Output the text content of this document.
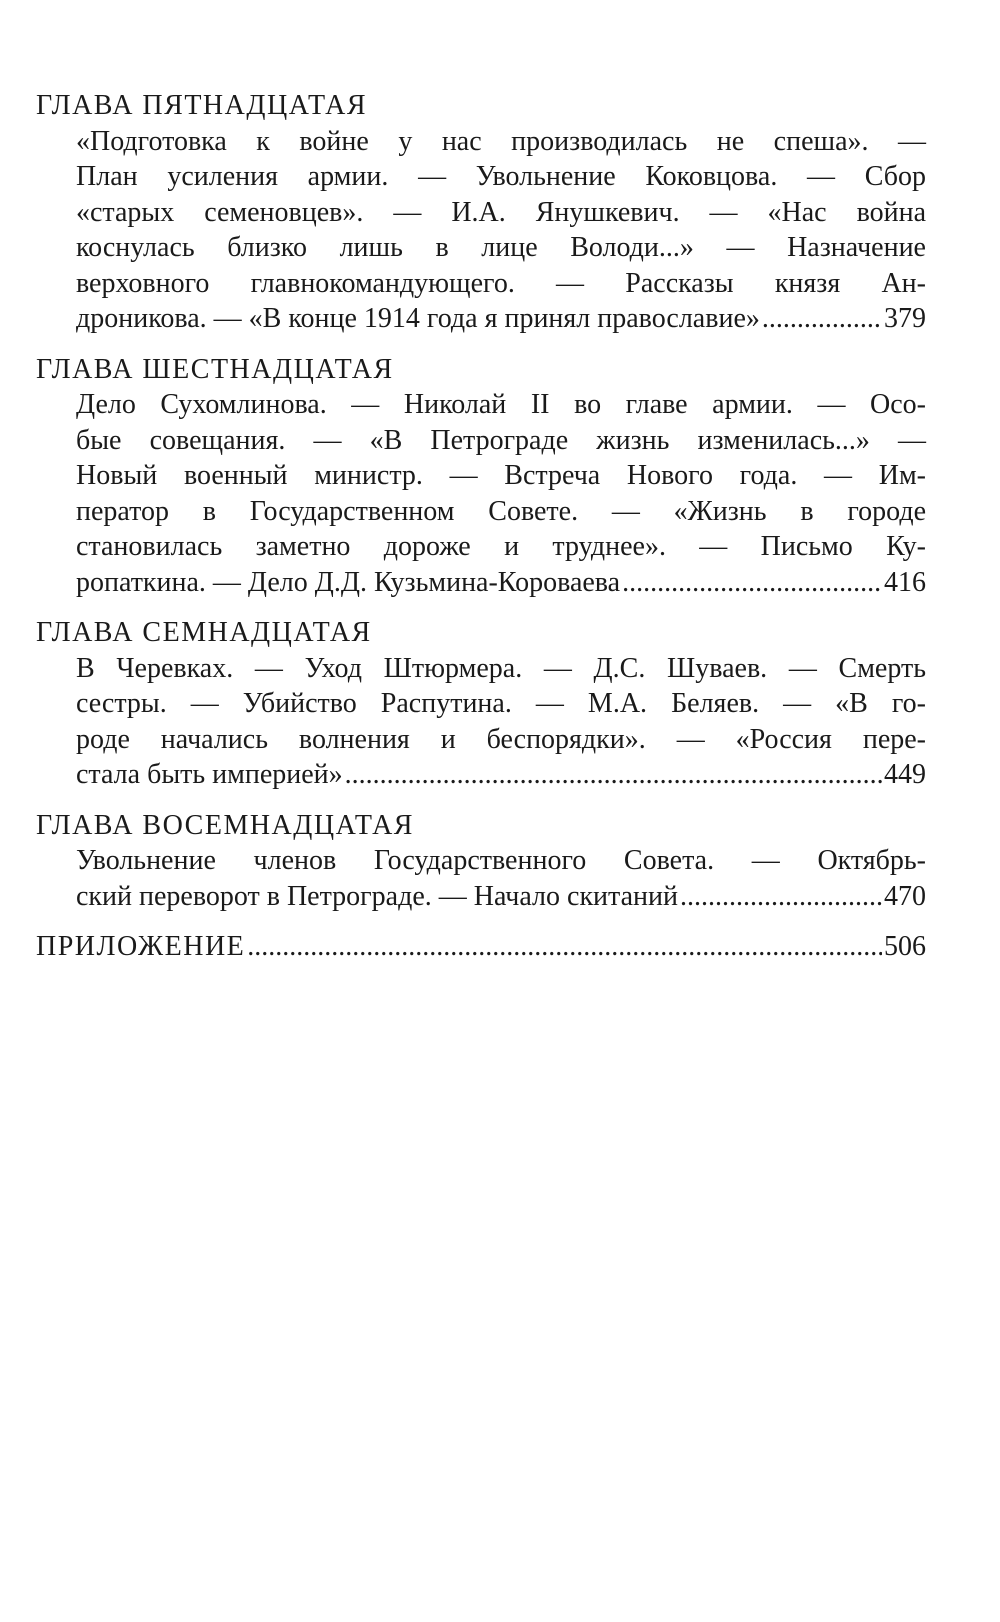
ГЛАВА ПЯТНАДЦАТАЯ
«Подготовка к войне у нас производилась не спеша». —
План усиления армии. — Увольнение Коковцова. — Сбор
«старых семеновцев». — И.А. Янушкевич. — «Нас война
коснулась близко лишь в лице Володи...» — Назначение
верховного главнокомандующего. — Рассказы князя Ан-
дроникова. — «В конце 1914 года я принял православие» .....	379
ГЛАВА ШЕСТНАДЦАТАЯ
Дело Сухомлинова. — Николай II во главе армии. — Осо-
бые совещания. — «В Петрограде жизнь изменилась...» —
Новый военный министр. — Встреча Нового года. — Им-
ператор в Государственном Совете. — «Жизнь в городе
становилась заметно дороже и труднее». — Письмо Ку-
ропаткина. — Дело Д.Д. Кузьмина-Короваева .....	416
ГЛАВА СЕМНАДЦАТАЯ
В Черевках. — Уход Штюрмера. — Д.С. Шуваев. — Смерть
сестры. — Убийство Распутина. — М.А. Беляев. — «В го-
роде начались волнения и беспорядки». — «Россия пере-
стала быть империей» .....	449
ГЛАВА ВОСЕМНАДЦАТАЯ
Увольнение членов Государственного Совета. — Октябрь-
ский переворот в Петрограде. — Начало скитаний .....	470
ПРИЛОЖЕНИЕ .....	506
